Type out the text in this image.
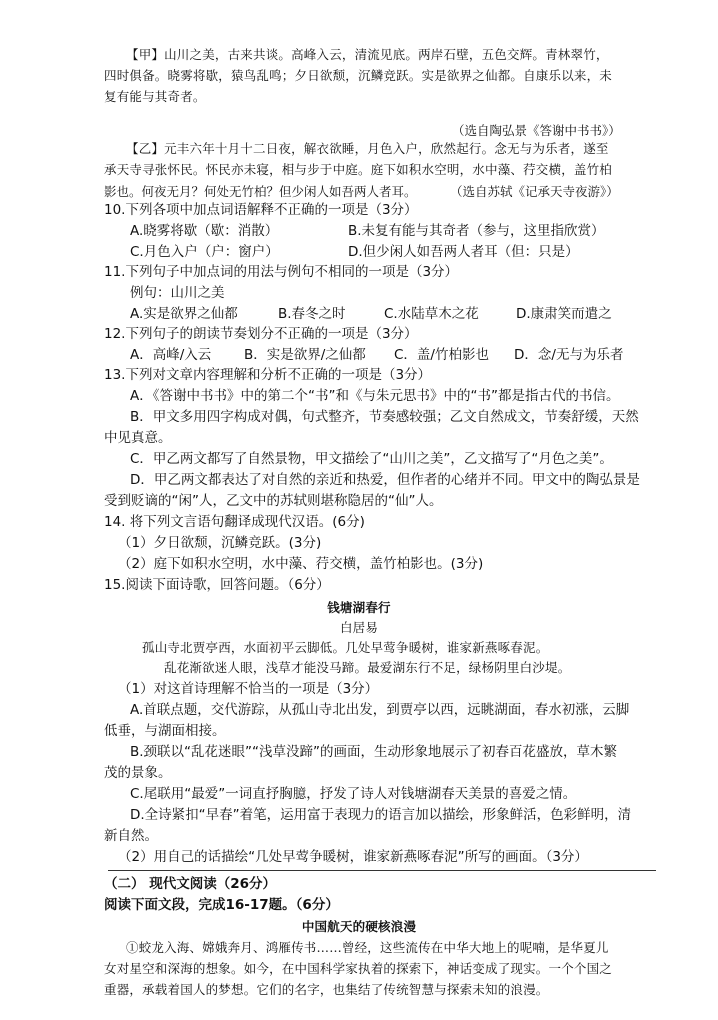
【甲】山川之美，古来共谈。高峰入云，清流见底。两岸石壁，五色交辉。青林翠竹，
四时俱备。晓雾将歇，猿鸟乱鸣；夕日欲颓，沉鳞竞跃。实是欲界之仙都。自康乐以来，未
复有能与其奇者。
（选自陶弘景《答谢中书书》）
【乙】元丰六年十月十二日夜，解衣欲睡，月色入户，欣然起行。念无与为乐者，遂至
承天寺寻张怀民。怀民亦未寝，相与步于中庭。庭下如积水空明，水中藻、荇交横，盖竹柏
影也。何夜无月？何处无竹柏？但少闲人如吾两人者耳。	（选自苏轼《记承天寺夜游》）
10.下列各项中加点词语解释不正确的一项是（3分）
A.晓雾将歇（歇：消散）	B.未复有能与其奇者（参与，这里指欣赏）
C.月色入户（户：窗户）	D.但少闲人如吾两人者耳（但：只是）
11.下列句子中加点词的用法与例句不相同的一项是（3分）
例句：山川之美
A.实是欲界之仙都	B.春冬之时	C.水陆草木之花	D.康肃笑而遣之
12.下列句子的朗读节奏划分不正确的一项是（3分）
A．高峰/入云 B．实是欲界/之仙都 C．盖/竹柏影也 D．念/无与为乐者
13.下列对文章内容理解和分析不正确的一项是（3分）
A．《答谢中书书》中的第二个“书”和《与朱元思书》中的“书”都是指古代的书信。
B．甲文多用四字构成对偶，句式整齐，节奏感较强；乙文自然成文，节奏舒缓，天然
中见真意。
C．甲乙两文都写了自然景物，甲文描绘了“山川之美”，乙文描写了“月色之美”。
D．甲乙两文都表达了对自然的亲近和热爱，但作者的心绪并不同。甲文中的陶弘景是
受到贬谪的“闲”人，乙文中的苏轼则堪称隐居的“仙”人。
14. 将下列文言语句翻译成现代汉语。(6分)
（1）夕日欲颓，沉鳞竞跃。(3分)
（2）庭下如积水空明，水中藻、荇交横，盖竹柏影也。(3分)
15.阅读下面诗歌，回答问题。（6分）
钱塘湖春行
白居易
孤山寺北贾亭西，水面初平云脚低。几处早莺争暖树，谁家新燕啄春泥。
乱花渐欲迷人眼，浅草才能没马蹄。最爱湖东行不足，绿杨阴里白沙堤。
（1）对这首诗理解不恰当的一项是（3分）
A.首联点题，交代游踪，从孤山寺北出发，到贾亭以西，远眺湖面，春水初涨，云脚
低垂，与湖面相接。
B.颈联以“乱花迷眼”“浅草没蹄”的画面，生动形象地展示了初春百花盛放，草木繁
茂的景象。
C.尾联用“最爱”一词直抒胸臆，抒发了诗人对钱塘湖春天美景的喜爱之情。
D.全诗紧扣“早春”着笔，运用富于表现力的语言加以描绘，形象鲜活，色彩鲜明，清
新自然。
（2）用自己的话描绘“几处早莺争暖树，谁家新燕啄春泥”所写的画面。（3分）
（二） 现代文阅读（26分）
阅读下面文段，完成16-17题。（6分）
中国航天的硬核浪漫
①蛟龙入海、嫦娥奔月、鸿雁传书……曾经，这些流传在中华大地上的呢喃，是华夏儿
女对星空和深海的想象。如今，在中国科学家执着的探索下，神话变成了现实。一个个国之
重器，承载着国人的梦想。它们的名字，也集结了传统智慧与探索未知的浪漫。
